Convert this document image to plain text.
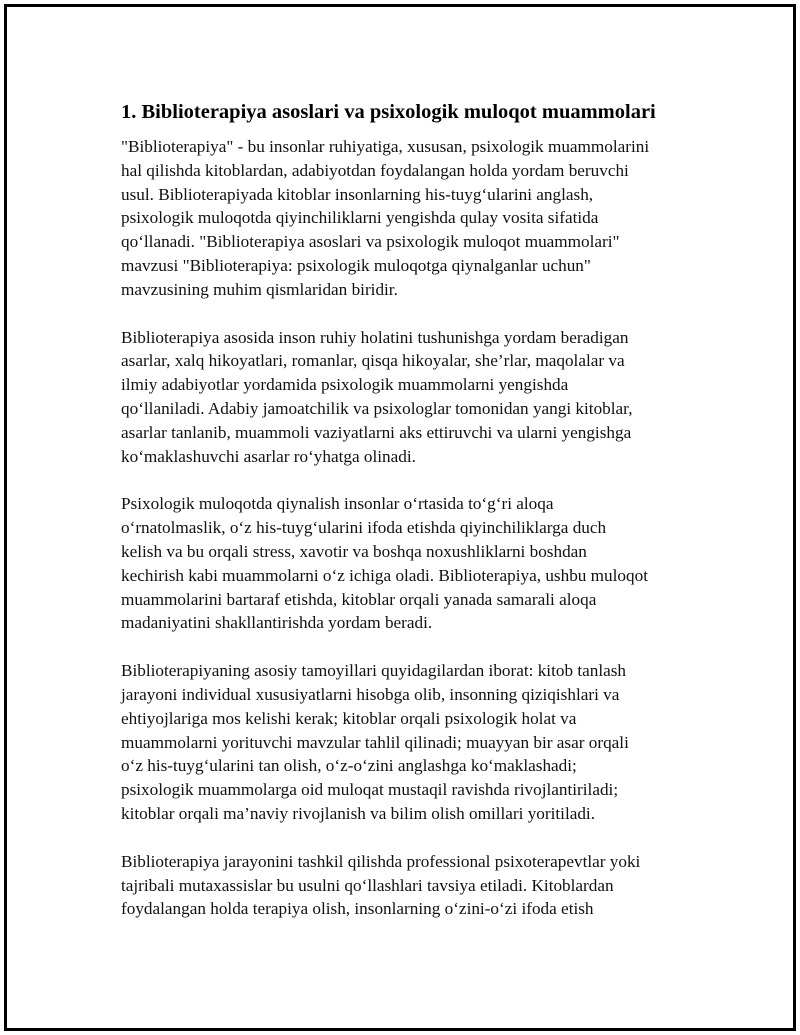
1. Biblioterapiya asoslari va psixologik muloqot muammolari

"Biblioterapiya" - bu insonlar ruhiyatiga, xususan, psixologik muammolarini
hal qilishda kitoblardan, adabiyotdan foydalangan holda yordam beruvchi
usul. Biblioterapiyada kitoblar insonlarning his-tuyg‘ularini anglash,
psixologik muloqotda qiyinchiliklarni yengishda qulay vosita sifatida
qo‘llanadi. "Biblioterapiya asoslari va psixologik muloqot muammolari"
mavzusi "Biblioterapiya: psixologik muloqotga qiynalganlar uchun"
mavzusining muhim qismlaridan biridir.

Biblioterapiya asosida inson ruhiy holatini tushunishga yordam beradigan
asarlar, xalq hikoyatlari, romanlar, qisqa hikoyalar, she’rlar, maqolalar va
ilmiy adabiyotlar yordamida psixologik muammolarni yengishda
qo‘llaniladi. Adabiy jamoatchilik va psixologlar tomonidan yangi kitoblar,
asarlar tanlanib, muammoli vaziyatlarni aks ettiruvchi va ularni yengishga
ko‘maklashuvchi asarlar ro‘yhatga olinadi.

Psixologik muloqotda qiynalish insonlar o‘rtasida to‘g‘ri aloqa
o‘rnatolmaslik, o‘z his-tuyg‘ularini ifoda etishda qiyinchiliklarga duch
kelish va bu orqali stress, xavotir va boshqa noxushliklarni boshdan
kechirish kabi muammolarni o‘z ichiga oladi. Biblioterapiya, ushbu muloqot
muammolarini bartaraf etishda, kitoblar orqali yanada samarali aloqa
madaniyatini shakllantirishda yordam beradi.

Biblioterapiyaning asosiy tamoyillari quyidagilardan iborat: kitob tanlash
jarayoni individual xususiyatlarni hisobga olib, insonning qiziqishlari va
ehtiyojlariga mos kelishi kerak; kitoblar orqali psixologik holat va
muammolarni yorituvchi mavzular tahlil qilinadi; muayyan bir asar orqali
o‘z his-tuyg‘ularini tan olish, o‘z-o‘zini anglashga ko‘maklashadi;
psixologik muammolarga oid muloqat mustaqil ravishda rivojlantiriladi;
kitoblar orqali ma’naviy rivojlanish va bilim olish omillari yoritiladi.

Biblioterapiya jarayonini tashkil qilishda professional psixoterapevtlar yoki
tajribali mutaxassislar bu usulni qo‘llashlari tavsiya etiladi. Kitoblardan
foydalangan holda terapiya olish, insonlarning o‘zini-o‘zi ifoda etish
